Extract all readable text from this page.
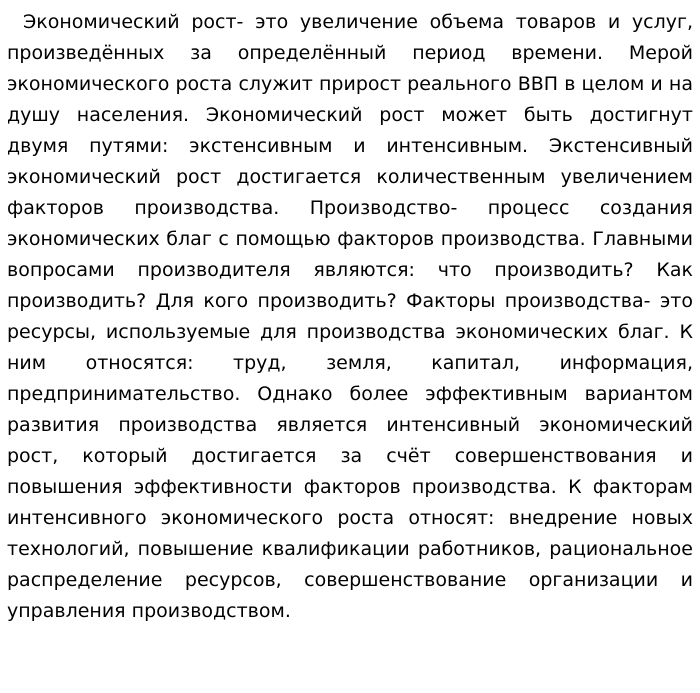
Экономический рост- это увеличение объема товаров и услуг, произведённых за определённый период времени. Мерой экономического роста служит прирост реального ВВП в целом и на душу населения. Экономический рост может быть достигнут двумя путями: экстенсивным и интенсивным. Экстенсивный экономический рост достигается количественным увеличением факторов производства. Производство- процесс создания экономических благ с помощью факторов производства. Главными вопросами производителя являются: что производить? Как производить? Для кого производить? Факторы производства- это ресурсы, используемые для производства экономических благ. К ним относятся: труд, земля, капитал, информация, предпринимательство. Однако более эффективным вариантом развития производства является интенсивный экономический рост, который достигается за счёт совершенствования и повышения эффективности факторов производства. К факторам интенсивного экономического роста относят: внедрение новых технологий, повышение квалификации работников, рациональное распределение ресурсов, совершенствование организации и управления производством.
